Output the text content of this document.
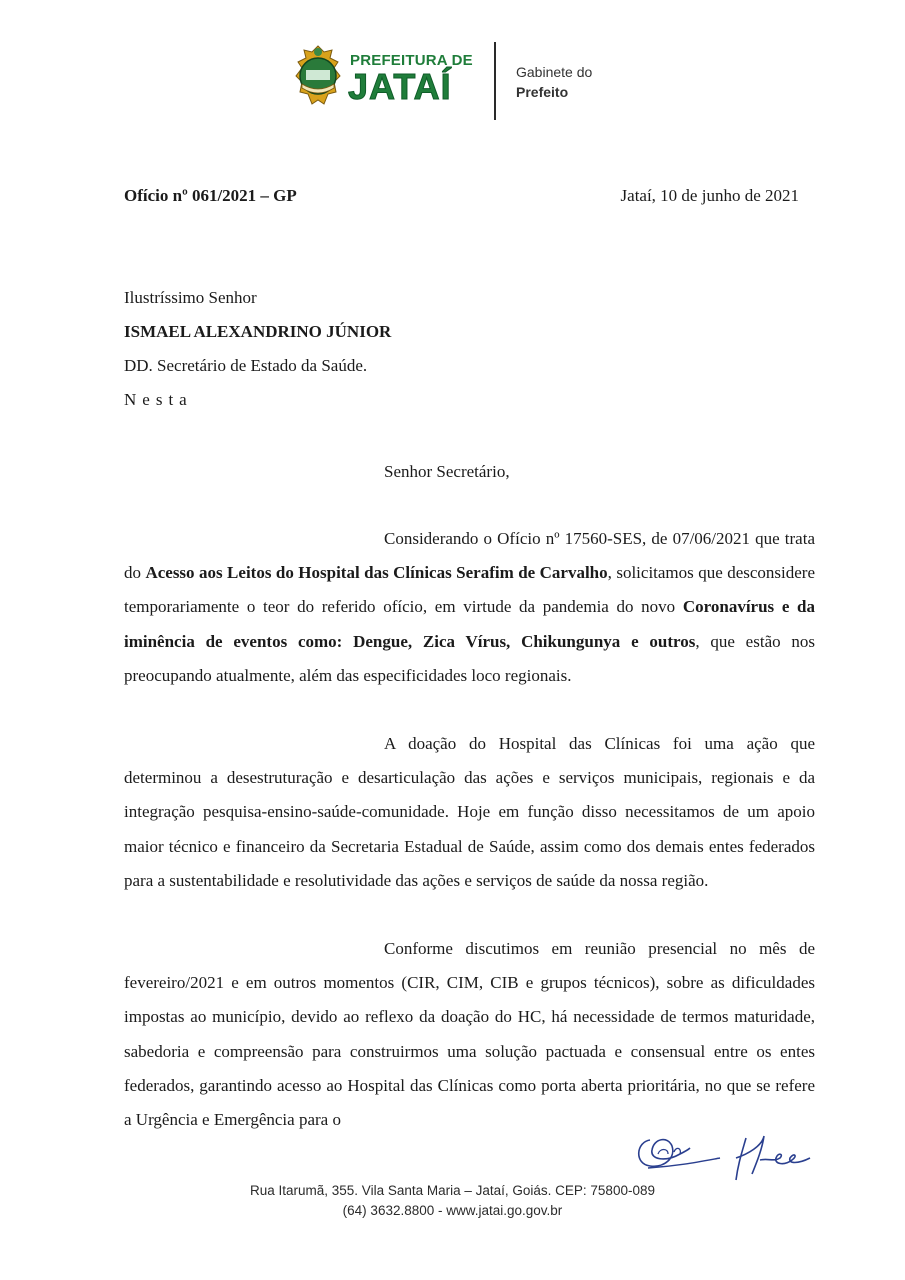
PREFEITURA DE
JATAÍ	Gabinete do
Prefeito
Ofício nº 061/2021 – GP	Jataí, 10 de junho de 2021
Ilustríssimo Senhor
ISMAEL ALEXANDRINO JÚNIOR
DD. Secretário de Estado da Saúde.
Nesta
Senhor Secretário,
Considerando o Ofício nº 17560-SES, de 07/06/2021 que trata do Acesso aos Leitos do Hospital das Clínicas Serafim de Carvalho, solicitamos que desconsidere temporariamente o teor do referido ofício, em virtude da pandemia do novo Coronavírus e da iminência de eventos como: Dengue, Zica Vírus, Chikungunya e outros, que estão nos preocupando atualmente, além das especificidades loco regionais.
A doação do Hospital das Clínicas foi uma ação que determinou a desestruturação e desarticulação das ações e serviços municipais, regionais e da integração pesquisa-ensino-saúde-comunidade. Hoje em função disso necessitamos de um apoio maior técnico e financeiro da Secretaria Estadual de Saúde, assim como dos demais entes federados para a sustentabilidade e resolutividade das ações e serviços de saúde da nossa região.
Conforme discutimos em reunião presencial no mês de fevereiro/2021 e em outros momentos (CIR, CIM, CIB e grupos técnicos), sobre as dificuldades impostas ao município, devido ao reflexo da doação do HC, há necessidade de termos maturidade, sabedoria e compreensão para construirmos uma solução pactuada e consensual entre os entes federados, garantindo acesso ao Hospital das Clínicas como porta aberta prioritária, no que se refere a Urgência e Emergência para o
Rua Itarumã, 355. Vila Santa Maria – Jataí, Goiás. CEP: 75800-089
(64) 3632.8800 - www.jatai.go.gov.br
